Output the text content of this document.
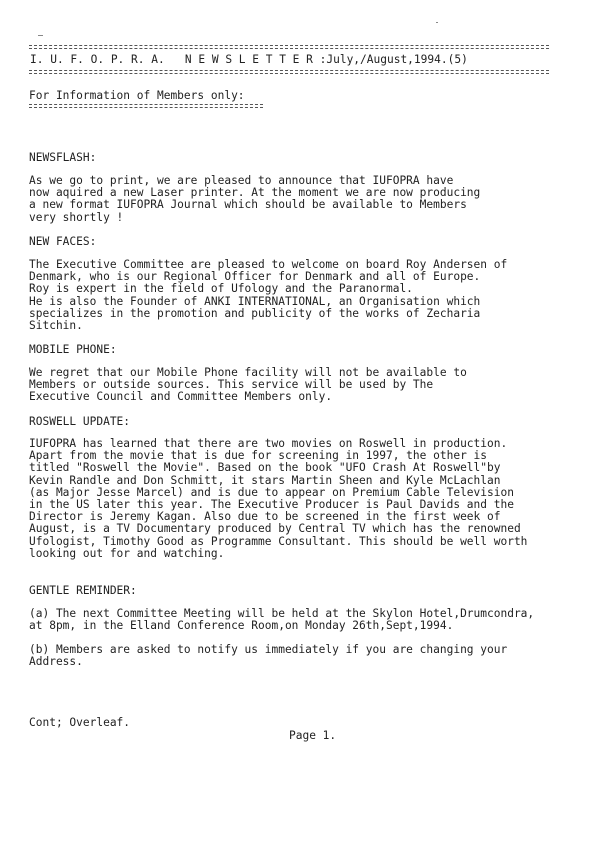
I. U. F. O. P. R. A.   N E W S L E T T E R :July,/August,1994.(5)
For Information of Members only:
NEWSFLASH:
As we go to print, we are pleased to announce that IUFOPRA have
now aquired a new Laser printer. At the moment we are now producing
a new format IUFOPRA Journal which should be available to Members
very shortly !
NEW FACES:
The Executive Committee are pleased to welcome on board Roy Andersen of
Denmark, who is our Regional Officer for Denmark and all of Europe.
Roy is expert in the field of Ufology and the Paranormal.
He is also the Founder of ANKI INTERNATIONAL, an Organisation which
specializes in the promotion and publicity of the works of Zecharia
Sitchin.
MOBILE PHONE:
We regret that our Mobile Phone facility will not be available to
Members or outside sources. This service will be used by The
Executive Council and Committee Members only.
ROSWELL UPDATE:
IUFOPRA has learned that there are two movies on Roswell in production.
Apart from the movie that is due for screening in 1997, the other is
titled "Roswell the Movie". Based on the book "UFO Crash At Roswell"by
Kevin Randle and Don Schmitt, it stars Martin Sheen and Kyle McLachlan
(as Major Jesse Marcel) and is due to appear on Premium Cable Television
in the US later this year. The Executive Producer is Paul Davids and the
Director is Jeremy Kagan. Also due to be screened in the first week of
August, is a TV Documentary produced by Central TV which has the renowned
Ufologist, Timothy Good as Programme Consultant. This should be well worth
looking out for and watching.
GENTLE REMINDER:
(a) The next Committee Meeting will be held at the Skylon Hotel,Drumcondra,
at 8pm, in the Elland Conference Room,on Monday 26th,Sept,1994.
(b) Members are asked to notify us immediately if you are changing your
Address.
Cont; Overleaf.
Page 1.
